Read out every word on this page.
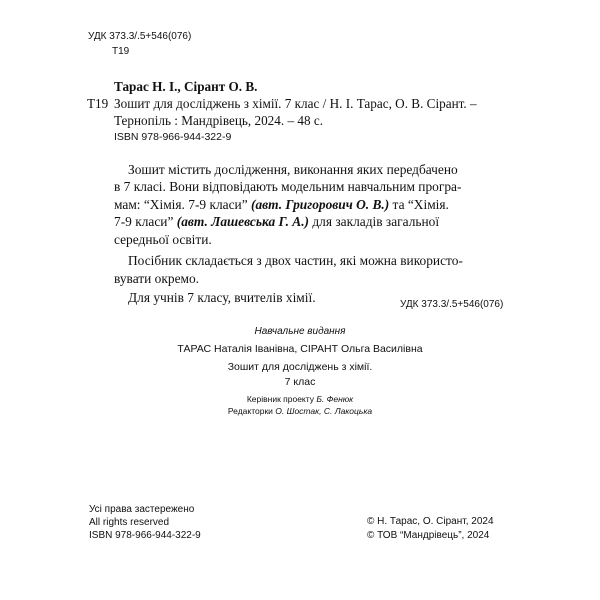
УДК 373.3/.5+546(076)
Т19
Тарас Н. І., Сірант О. В.
Т19 Зошит для досліджень з хімії. 7 клас / Н. І. Тарас, О. В. Сірант. –
Тернопіль : Мандрівець, 2024. – 48 с.
ISBN 978-966-944-322-9
Зошит містить дослідження, виконання яких передбачено
в 7 класі. Вони відповідають модельним навчальним програ-
мам: “Хімія. 7-9 класи” (авт. Григорович О. В.) та “Хімія.
7-9 класи” (авт. Лашевська Г. А.) для закладів загальної
середньої освіти.
Посібник складається з двох частин, які можна використо-
вувати окремо.
Для учнів 7 класу, вчителів хімії.	УДК 373.3/.5+546(076)
Навчальне видання
ТАРАС Наталія Іванівна, СІРАНТ Ольга Василівна
Зошит для досліджень з хімії.
7 клас
Керівник проекту Б. Фенюк
Редакторки О. Шостак, С. Лакоцька
Усі права застережено
All rights reserved
ISBN 978-966-944-322-9
© Н. Тарас, О. Сірант, 2024
© ТОВ “Мандрівець”, 2024
